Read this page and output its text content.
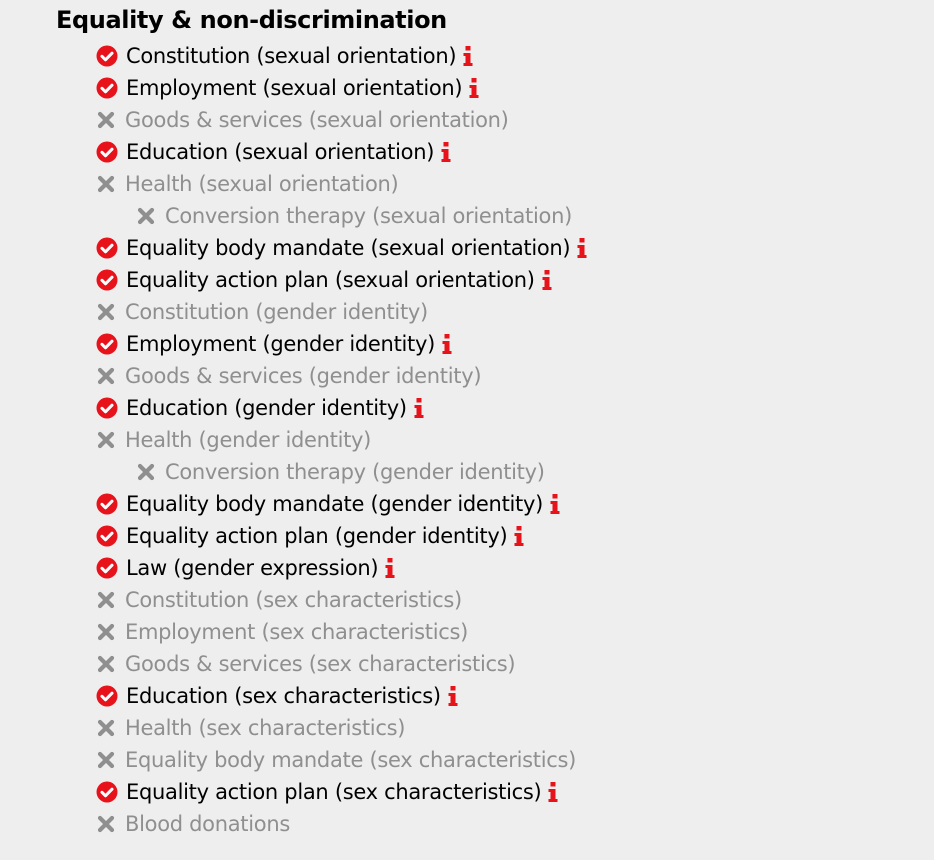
Equality & non-discrimination
Constitution (sexual orientation)
Employment (sexual orientation)
Goods & services (sexual orientation)
Education (sexual orientation)
Health (sexual orientation)
Conversion therapy (sexual orientation)
Equality body mandate (sexual orientation)
Equality action plan (sexual orientation)
Constitution (gender identity)
Employment (gender identity)
Goods & services (gender identity)
Education (gender identity)
Health (gender identity)
Conversion therapy (gender identity)
Equality body mandate (gender identity)
Equality action plan (gender identity)
Law (gender expression)
Constitution (sex characteristics)
Employment (sex characteristics)
Goods & services (sex characteristics)
Education (sex characteristics)
Health (sex characteristics)
Equality body mandate (sex characteristics)
Equality action plan (sex characteristics)
Blood donations
